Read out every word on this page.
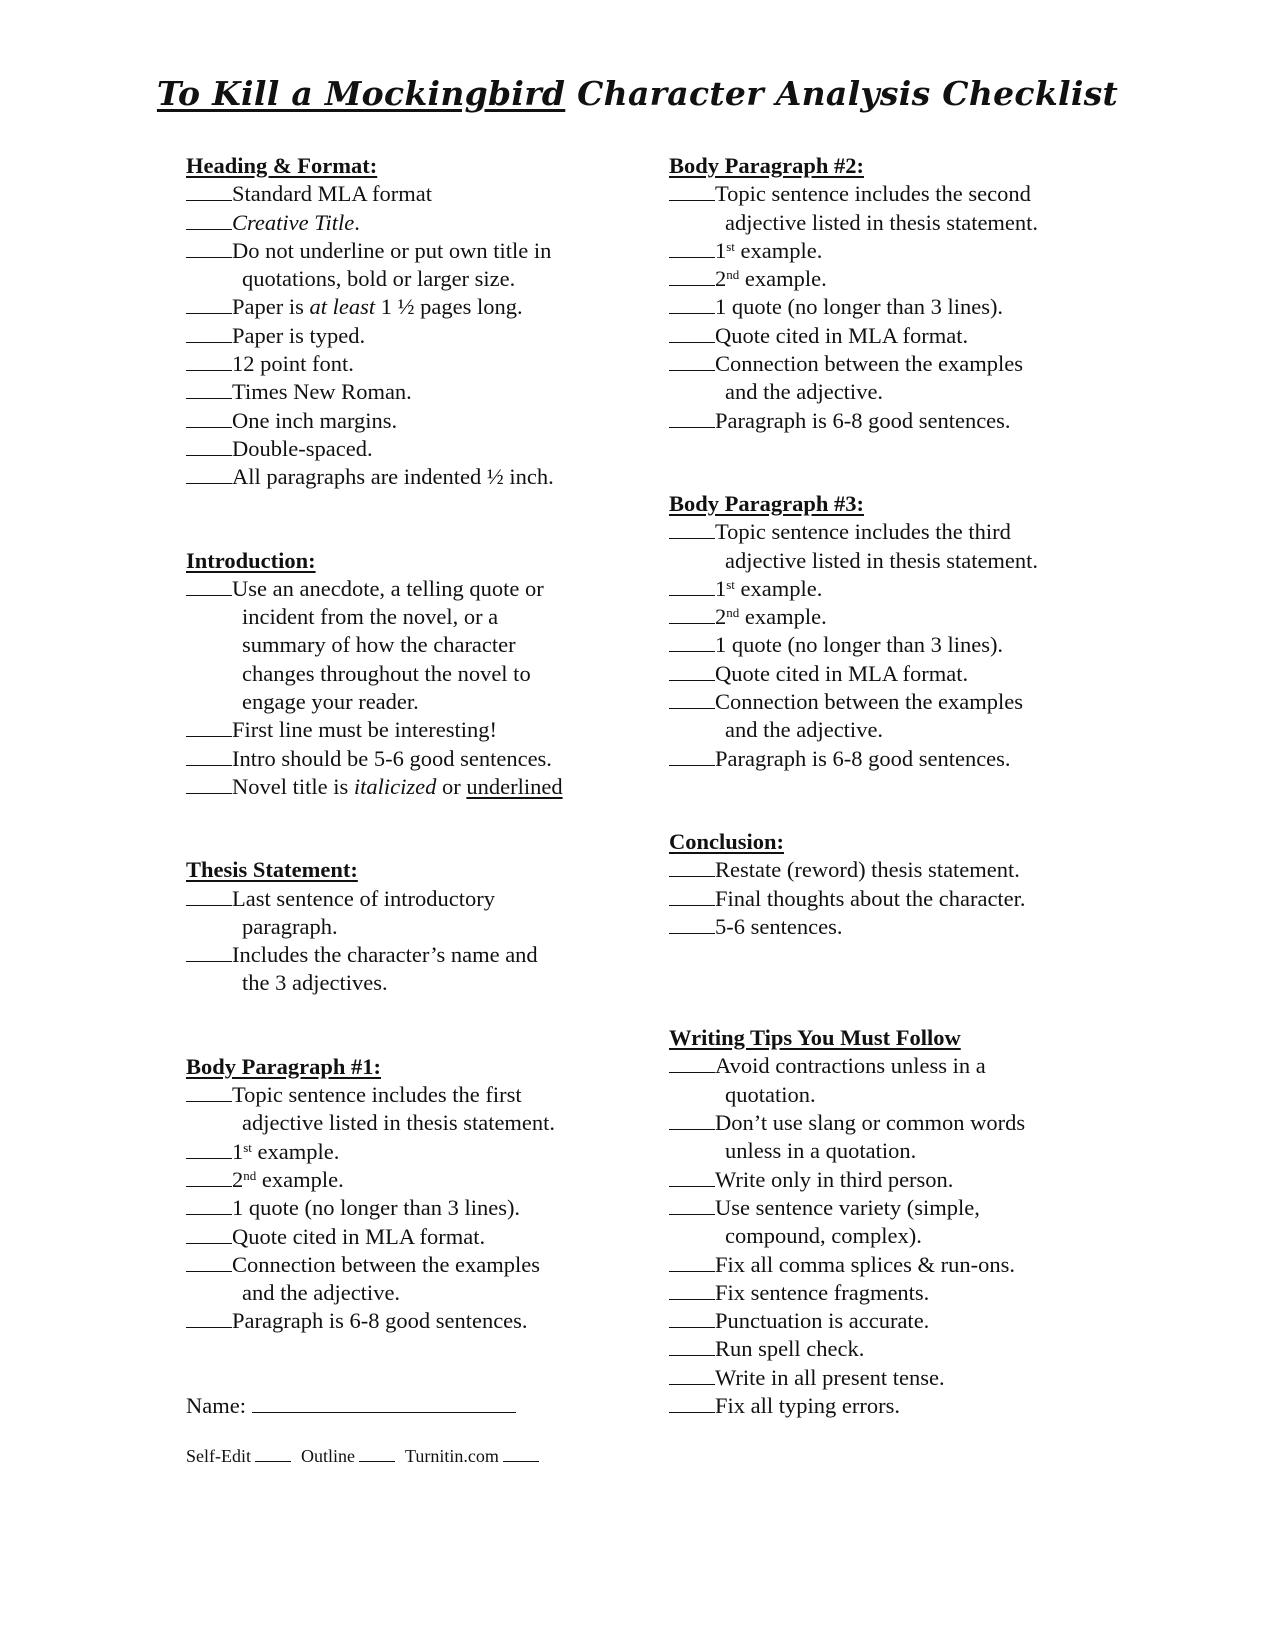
To Kill a Mockingbird Character Analysis Checklist
Heading & Format:
Standard MLA format
Creative Title.
Do not underline or put own title in
quotations, bold or larger size.
Paper is at least 1 ½ pages long.
Paper is typed.
12 point font.
Times New Roman.
One inch margins.
Double-spaced.
All paragraphs are indented ½ inch.
Introduction:
Use an anecdote, a telling quote or
incident from the novel, or a
summary of how the character
changes throughout the novel to
engage your reader.
First line must be interesting!
Intro should be 5-6 good sentences.
Novel title is italicized or underlined
Thesis Statement:
Last sentence of introductory
paragraph.
Includes the character’s name and
the 3 adjectives.
Body Paragraph #1:
Topic sentence includes the first
adjective listed in thesis statement.
1st example.
2nd example.
1 quote (no longer than 3 lines).
Quote cited in MLA format.
Connection between the examples
and the adjective.
Paragraph is 6-8 good sentences.
Body Paragraph #2:
Topic sentence includes the second
adjective listed in thesis statement.
1st example.
2nd example.
1 quote (no longer than 3 lines).
Quote cited in MLA format.
Connection between the examples
and the adjective.
Paragraph is 6-8 good sentences.
Body Paragraph #3:
Topic sentence includes the third
adjective listed in thesis statement.
1st example.
2nd example.
1 quote (no longer than 3 lines).
Quote cited in MLA format.
Connection between the examples
and the adjective.
Paragraph is 6-8 good sentences.
Conclusion:
Restate (reword) thesis statement.
Final thoughts about the character.
5-6 sentences.
Writing Tips You Must Follow
Avoid contractions unless in a
quotation.
Don’t use slang or common words
unless in a quotation.
Write only in third person.
Use sentence variety (simple,
compound, complex).
Fix all comma splices & run-ons.
Fix sentence fragments.
Punctuation is accurate.
Run spell check.
Write in all present tense.
Fix all typing errors.
Name:
Self-Edit	Outline	Turnitin.com
